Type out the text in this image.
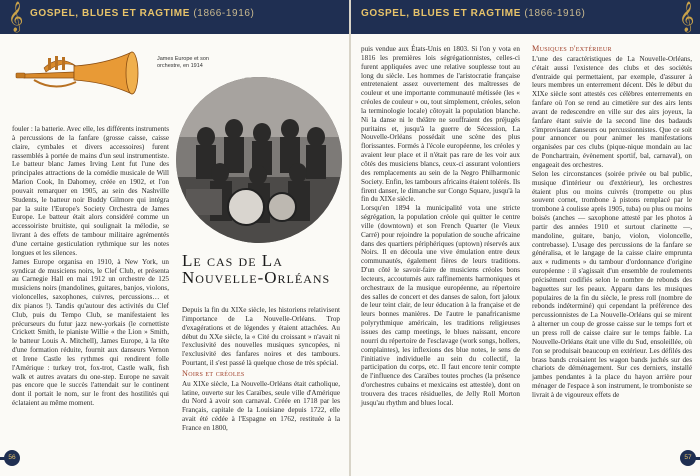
𝄞 GOSPEL, BLUES ET RAGTIME (1866-1916)
James Europe et son orchestre, en 1914

fouler : la batterie. Avec elle, les différents instruments à percussions de la fanfare (grosse caisse, caisse claire, cymbales et divers accessoires) furent rassemblés à portée de mains d'un seul instrumentiste. Le batteur blanc James Irving Lent fut l'une des principales attractions de la comédie musicale de Will Marion Cook, In Dahomey, créée en 1902, et l'on pouvait remarquer en 1905, au sein des Nashville Students, le batteur noir Buddy Gilmore qui intégra par la suite l'Europe's Society Orchestra de James Europe. Le batteur était alors considéré comme un accessoiriste bruitiste, qui soulignait la mélodie, se livrant à des effets de tambour militaire agrémentés d'une certaine gesticulation rythmique sur les notes longues et les silences.

James Europe organisa en 1910, à New York, un syndicat de musiciens noirs, le Clef Club, et présenta au Carnegie Hall en mai 1912 un orchestre de 125 musiciens noirs (mandolines, guitares, banjos, violons, violoncelles, saxophones, cuivres, percussions… et dix pianos !). Tandis qu'autour des activités du Clef Club, puis du Tempo Club, se manifestaient les précurseurs du futur jazz new-yorkais (le cornettiste Crickett Smith, le pianiste Willie « the Lion » Smith, le batteur Louis A. Mitchell), James Europe, à la tête d'une formation réduite, fournit aux danseurs Vernon et Irene Castle les rythmes qui rendirent folle l'Amérique : turkey trot, fox-trot, Castle walk, fish walk et autres avatars du one-step. Europe ne savait pas encore que le succès l'attendait sur le continent dont il portait le nom, sur le front des hostilités qui éclataient au même moment.

Le cas de La Nouvelle-Orléans

Depuis la fin du XIXe siècle, les historiens relativisent l'importance de La Nouvelle-Orléans. Trop d'exagérations et de légendes y étaient attachées. Au début du XXe siècle, la « Cité du croissant » n'avait ni l'exclusivité des nouvelles musiques syncopées, ni l'exclusivité des fanfares noires et des tambours. Pourtant, il s'est passé là quelque chose de très spécial.

Noirs et créoles

Au XIXe siècle, La Nouvelle-Orléans était catholique, latine, ouverte sur les Caraïbes, seule ville d'Amérique du Nord à avoir son carnaval. Créée en 1718 par les Français, capitale de la Louisiane depuis 1722, elle avait été cédée à l'Espagne en 1762, restituée à la France en 1800,

56
GOSPEL, BLUES ET RAGTIME (1866-1916)	𝄞

puis vendue aux États-Unis en 1803. Si l'on y vota en 1816 les premières lois ségrégationnistes, celles-ci furent appliquées avec une relative souplesse tout au long du siècle. Les hommes de l'aristocratie française entretenaient assez ouvertement des maîtresses de couleur et une importante communauté métissée (les « créoles de couleur » ou, tout simplement, créoles, selon la terminologie locale) côtoyait la population blanche. Ni la danse ni le théâtre ne souffraient des préjugés puritains et, jusqu'à la guerre de Sécession, La Nouvelle-Orléans possédait une scène des plus florissantes. Formés à l'école européenne, les créoles y avaient leur place et il n'était pas rare de les voir aux côtés des musiciens blancs, ceux-ci assurant volontiers des remplacements au sein de la Negro Philharmonic Society. Enfin, les tambours africains étaient tolérés. Ils firent danser, le dimanche sur Congo Square, jusqu'à la fin du XIXe siècle.

Lorsqu'en 1894 la municipalité vota une stricte ségrégation, la population créole qui quitter le centre ville (downtown) et son French Quarter (le Vieux Carré) pour rejoindre la population de souche africaine dans des quartiers périphériques (uptown) réservés aux Noirs. Il en découla une vive émulation entre deux communautés, également fières de leurs traditions. D'un côté le savoir-faire de musiciens créoles bons lecteurs, accoutumés aux raffinements harmoniques et orchestraux de la musique européenne, au répertoire des salles de concert et des danses de salon, fort jaloux de leur teint clair, de leur éducation à la française et de leurs bonnes manières. De l'autre le panafricanisme polyrythmique américain, les traditions religieuses issues des camp meetings, le blues naissant, encore nourri du répertoire de l'esclavage (work songs, hollers, complaintes), les inflexions des blue notes, le sens de l'initiative individuelle au sein du collectif, la participation du corps, etc. Il faut encore tenir compte de l'influence des Caraïbes toutes proches (la présence d'orchestres cubains et mexicains est attestée), dont on trouvera des traces résiduelles, de Jelly Roll Morton jusqu'au rhythm and blues local.

Musiques d'extérieur

L'une des caractéristiques de La Nouvelle-Orléans, c'était aussi l'existence des clubs et des sociétés d'entraide qui permettaient, par exemple, d'assurer à leurs membres un enterrement décent. Dès le début du XIXe siècle sont attestés ces célèbres enterrements en fanfare où l'on se rend au cimetière sur des airs lents avant de redescendre en ville sur des airs joyeux, la fanfare étant suivie de la second line des badauds s'improvisant danseurs ou percussionnistes. Que ce soit pour annoncer ou pour animer les manifestations organisées par ces clubs (pique-nique mondain au lac de Ponchartrain, évènement sportif, bal, carnaval), on engageait des orchestres.

Selon les circonstances (soirée privée ou bal public, musique d'intérieur ou d'extérieur), les orchestres étaient plus ou moins cuivrés (trompette ou plus souvent cornet, trombone à pistons remplacé par le trombone à coulisse après 1905, tuba) ou plus ou moins boisés (anches — saxophone attesté par les photos à partir des années 1910 et surtout clarinette —, mandoline, guitare, banjo, violon, violoncelle, contrebasse). L'usage des percussions de la fanfare se généralisa, et le langage de la caisse claire emprunta aux « rudiments » du tambour d'ordonnance d'origine européenne : il s'agissait d'un ensemble de roulements précisément codifiés selon le nombre de rebonds des baguettes sur les peaux. Apparu dans les musiques populaires de la fin du siècle, le press roll (nombre de rebonds indéterminé) qui cependant la préférence des percussionnistes de La Nouvelle-Orléans qui se mirent à alterner un coup de grosse caisse sur le temps fort et un press roll de caisse claire sur le temps faible. La Nouvelle-Orléans était une ville du Sud, ensoleillée, où l'on se produisait beaucoup en extérieur. Les défilés des brass bands croisaient les wagon bands juchés sur des chariots de déménagement. Sur ces derniers, installé jambes pendantes à la place du hayon arrière pour ménager de l'espace à son instrument, le tromboniste se livrait à de vigoureux effets de

57
